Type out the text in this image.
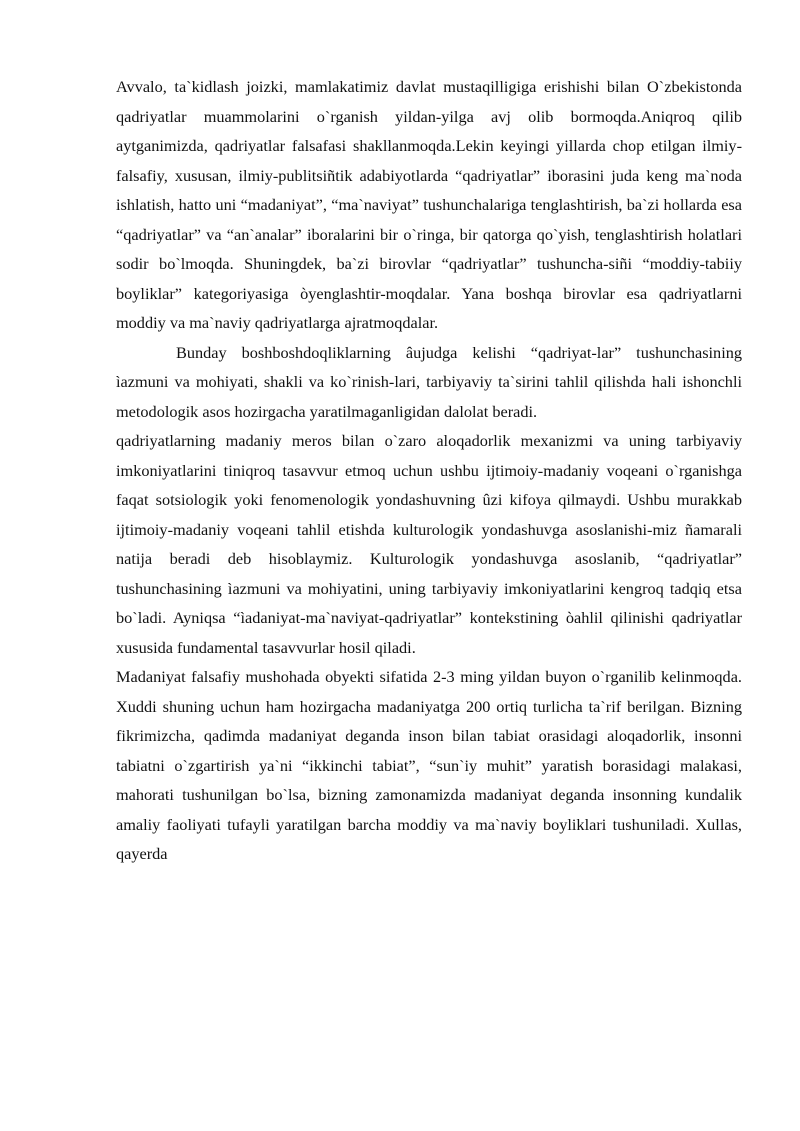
Avvalo, ta`kidlash joizki, mamlakatimiz davlat mustaqilligiga erishishi bilan O`zbekistonda qadriyatlar muammolarini o`rganish yildan-yilga avj olib bormoqda.Aniqroq qilib aytganimizda, qadriyatlar falsafasi shakllanmoqda.Lekin keyingi yillarda chop etilgan ilmiy-falsafiy, xususan, ilmiy-publitsiñtik adabiyotlarda “qadriyatlar” iborasini juda keng ma`noda ishlatish, hatto uni “madaniyat”, “ma`naviyat” tushunchalariga tenglashtirish, ba`zi hollarda esa “qadriyatlar” va “an`analar” iboralarini bir o`ringa, bir qatorga qo`yish, tenglashtirish holatlari sodir bo`lmoqda. Shuningdek, ba`zi birovlar “qadriyatlar” tushuncha-siñi “moddiy-tabiiy boyliklar” kategoriyasiga òyenglashtir-moqdalar. Yana boshqa birovlar esa qadriyatlarni moddiy va ma`naviy qadriyatlarga ajratmoqdalar.

Bunday boshboshdoqliklarning âujudga kelishi “qadriyat-lar” tushunchasining ìazmuni va mohiyati, shakli va ko`rinish-lari, tarbiyaviy ta`sirini tahlil qilishda hali ishonchli metodologik asos hozirgacha yaratilmaganligidan dalolat beradi.

qadriyatlarning madaniy meros bilan o`zaro aloqadorlik mexanizmi va uning tarbiyaviy imkoniyatlarini tiniqroq tasavvur etmoq uchun ushbu ijtimoiy-madaniy voqeani o`rganishga faqat sotsiologik yoki fenomenologik yondashuvning ûzi kifoya qilmaydi. Ushbu murakkab ijtimoiy-madaniy voqeani tahlil etishda kulturologik yondashuvga asoslanishi-miz ñamarali natija beradi deb hisoblaymiz. Kulturologik yondashuvga asoslanib, “qadriyatlar” tushunchasining ìazmuni va mohiyatini, uning tarbiyaviy imkoniyatlarini kengroq tadqiq etsa bo`ladi. Ayniqsa “ìadaniyat-ma`naviyat-qadriyatlar” kontekstining òahlil qilinishi qadriyatlar xususida fundamental tasavvurlar hosil qiladi.

Madaniyat falsafiy mushohada obyekti sifatida 2-3 ming yildan buyon o`rganilib kelinmoqda. Xuddi shuning uchun ham hozirgacha madaniyatga 200 ortiq turlicha ta`rif berilgan. Bizning fikrimizcha, qadimda madaniyat deganda inson bilan tabiat orasidagi aloqadorlik, insonni tabiatni o`zgartirish ya`ni “ikkinchi tabiat”, “sun`iy muhit” yaratish borasidagi malakasi, mahorati tushunilgan bo`lsa, bizning zamonamizda madaniyat deganda insonning kundalik amaliy faoliyati tufayli yaratilgan barcha moddiy va ma`naviy boyliklari tushuniladi. Xullas, qayerda
